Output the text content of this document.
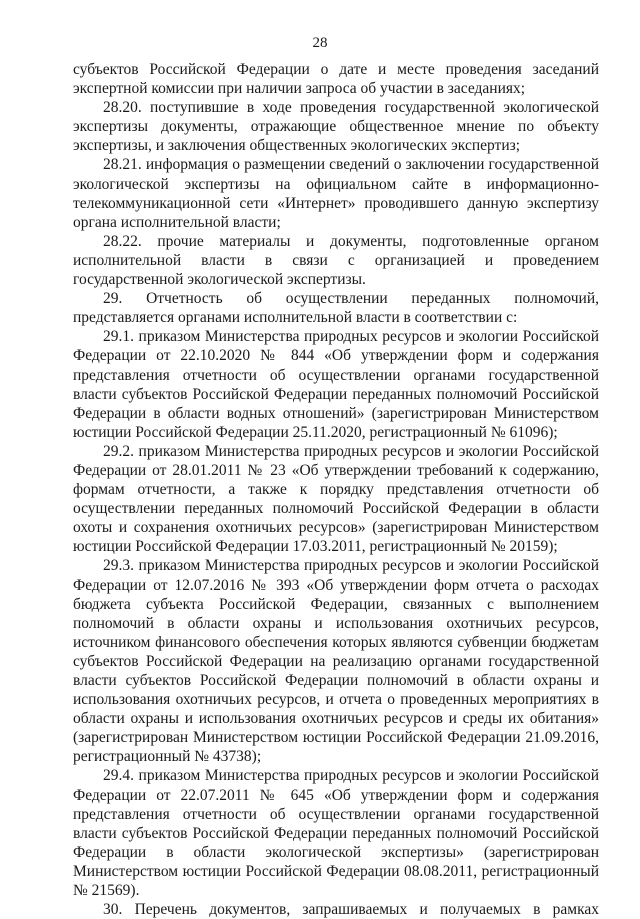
28

субъектов Российской Федерации о дате и месте проведения заседаний экспертной комиссии при наличии запроса об участии в заседаниях;

28.20. поступившие в ходе проведения государственной экологической экспертизы документы, отражающие общественное мнение по объекту экспертизы, и заключения общественных экологических экспертиз;

28.21. информация о размещении сведений о заключении государственной экологической экспертизы на официальном сайте в информационно-телекоммуникационной сети «Интернет» проводившего данную экспертизу органа исполнительной власти;

28.22. прочие материалы и документы, подготовленные органом исполнительной власти в связи с организацией и проведением государственной экологической экспертизы.

29. Отчетность об осуществлении переданных полномочий, представляется органами исполнительной власти в соответствии с:

29.1. приказом Министерства природных ресурсов и экологии Российской Федерации от 22.10.2020 № 844 «Об утверждении форм и содержания представления отчетности об осуществлении органами государственной власти субъектов Российской Федерации переданных полномочий Российской Федерации в области водных отношений» (зарегистрирован Министерством юстиции Российской Федерации 25.11.2020, регистрационный № 61096);

29.2. приказом Министерства природных ресурсов и экологии Российской Федерации от 28.01.2011 № 23 «Об утверждении требований к содержанию, формам отчетности, а также к порядку представления отчетности об осуществлении переданных полномочий Российской Федерации в области охоты и сохранения охотничьих ресурсов» (зарегистрирован Министерством юстиции Российской Федерации 17.03.2011, регистрационный № 20159);

29.3. приказом Министерства природных ресурсов и экологии Российской Федерации от 12.07.2016 № 393 «Об утверждении форм отчета о расходах бюджета субъекта Российской Федерации, связанных с выполнением полномочий в области охраны и использования охотничьих ресурсов, источником финансового обеспечения которых являются субвенции бюджетам субъектов Российской Федерации на реализацию органами государственной власти субъектов Российской Федерации полномочий в области охраны и использования охотничьих ресурсов, и отчета о проведенных мероприятиях в области охраны и использования охотничьих ресурсов и среды их обитания» (зарегистрирован Министерством юстиции Российской Федерации 21.09.2016, регистрационный № 43738);

29.4. приказом Министерства природных ресурсов и экологии Российской Федерации от 22.07.2011 № 645 «Об утверждении форм и содержания представления отчетности об осуществлении органами государственной власти субъектов Российской Федерации переданных полномочий Российской Федерации в области экологической экспертизы» (зарегистрирован Министерством юстиции Российской Федерации 08.08.2011, регистрационный № 21569).

30. Перечень документов, запрашиваемых и получаемых в рамках
